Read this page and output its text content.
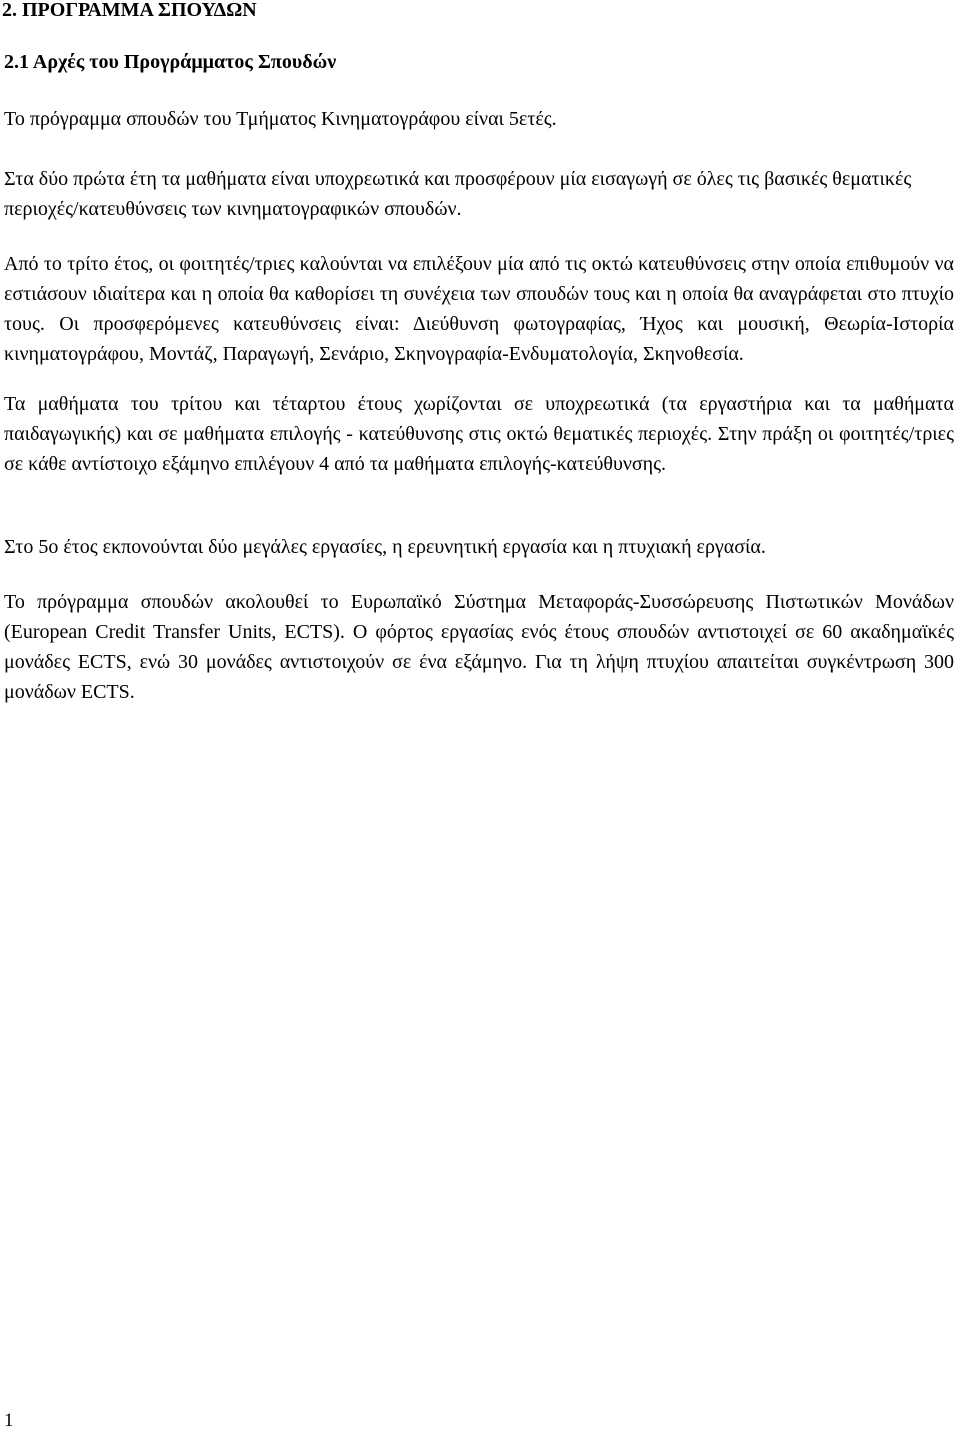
2. ΠΡΟΓΡΑΜΜΑ ΣΠΟΥΔΩΝ
2.1 Αρχές του Προγράμματος Σπουδών

Το πρόγραμμα σπουδών του Τμήματος Κινηματογράφου είναι 5ετές.

Στα δύο πρώτα έτη τα μαθήματα είναι υποχρεωτικά και προσφέρουν μία εισαγωγή σε όλες τις βασικές θεματικές περιοχές/κατευθύνσεις των κινηματογραφικών σπουδών.

Από το τρίτο έτος, οι φοιτητές/τριες καλούνται να επιλέξουν μία από τις οκτώ κατευθύνσεις στην οποία επιθυμούν να εστιάσουν ιδιαίτερα και η οποία θα καθορίσει τη συνέχεια των σπουδών τους και η οποία θα αναγράφεται στο πτυχίο τους. Οι προσφερόμενες κατευθύνσεις είναι: Διεύθυνση φωτογραφίας, Ήχος και μουσική, Θεωρία-Ιστορία κινηματογράφου, Μοντάζ, Παραγωγή, Σενάριο, Σκηνογραφία-Ενδυματολογία, Σκηνοθεσία.

Τα μαθήματα του τρίτου και τέταρτου έτους χωρίζονται σε υποχρεωτικά (τα εργαστήρια και τα μαθήματα παιδαγωγικής) και σε μαθήματα επιλογής - κατεύθυνσης στις οκτώ θεματικές περιοχές. Στην πράξη οι φοιτητές/τριες σε κάθε αντίστοιχο εξάμηνο επιλέγουν 4 από τα μαθήματα επιλογής-κατεύθυνσης.

Στο 5ο έτος εκπονούνται δύο μεγάλες εργασίες, η ερευνητική εργασία και η πτυχιακή εργασία.

Το πρόγραμμα σπουδών ακολουθεί το Ευρωπαϊκό Σύστημα Μεταφοράς-Συσσώρευσης Πιστωτικών Μονάδων (European Credit Transfer Units, ECTS). Ο φόρτος εργασίας ενός έτους σπουδών αντιστοιχεί σε 60 ακαδημαϊκές μονάδες ECTS, ενώ 30 μονάδες αντιστοιχούν σε ένα εξάμηνο. Για τη λήψη πτυχίου απαιτείται συγκέντρωση 300 μονάδων ECTS.

1
